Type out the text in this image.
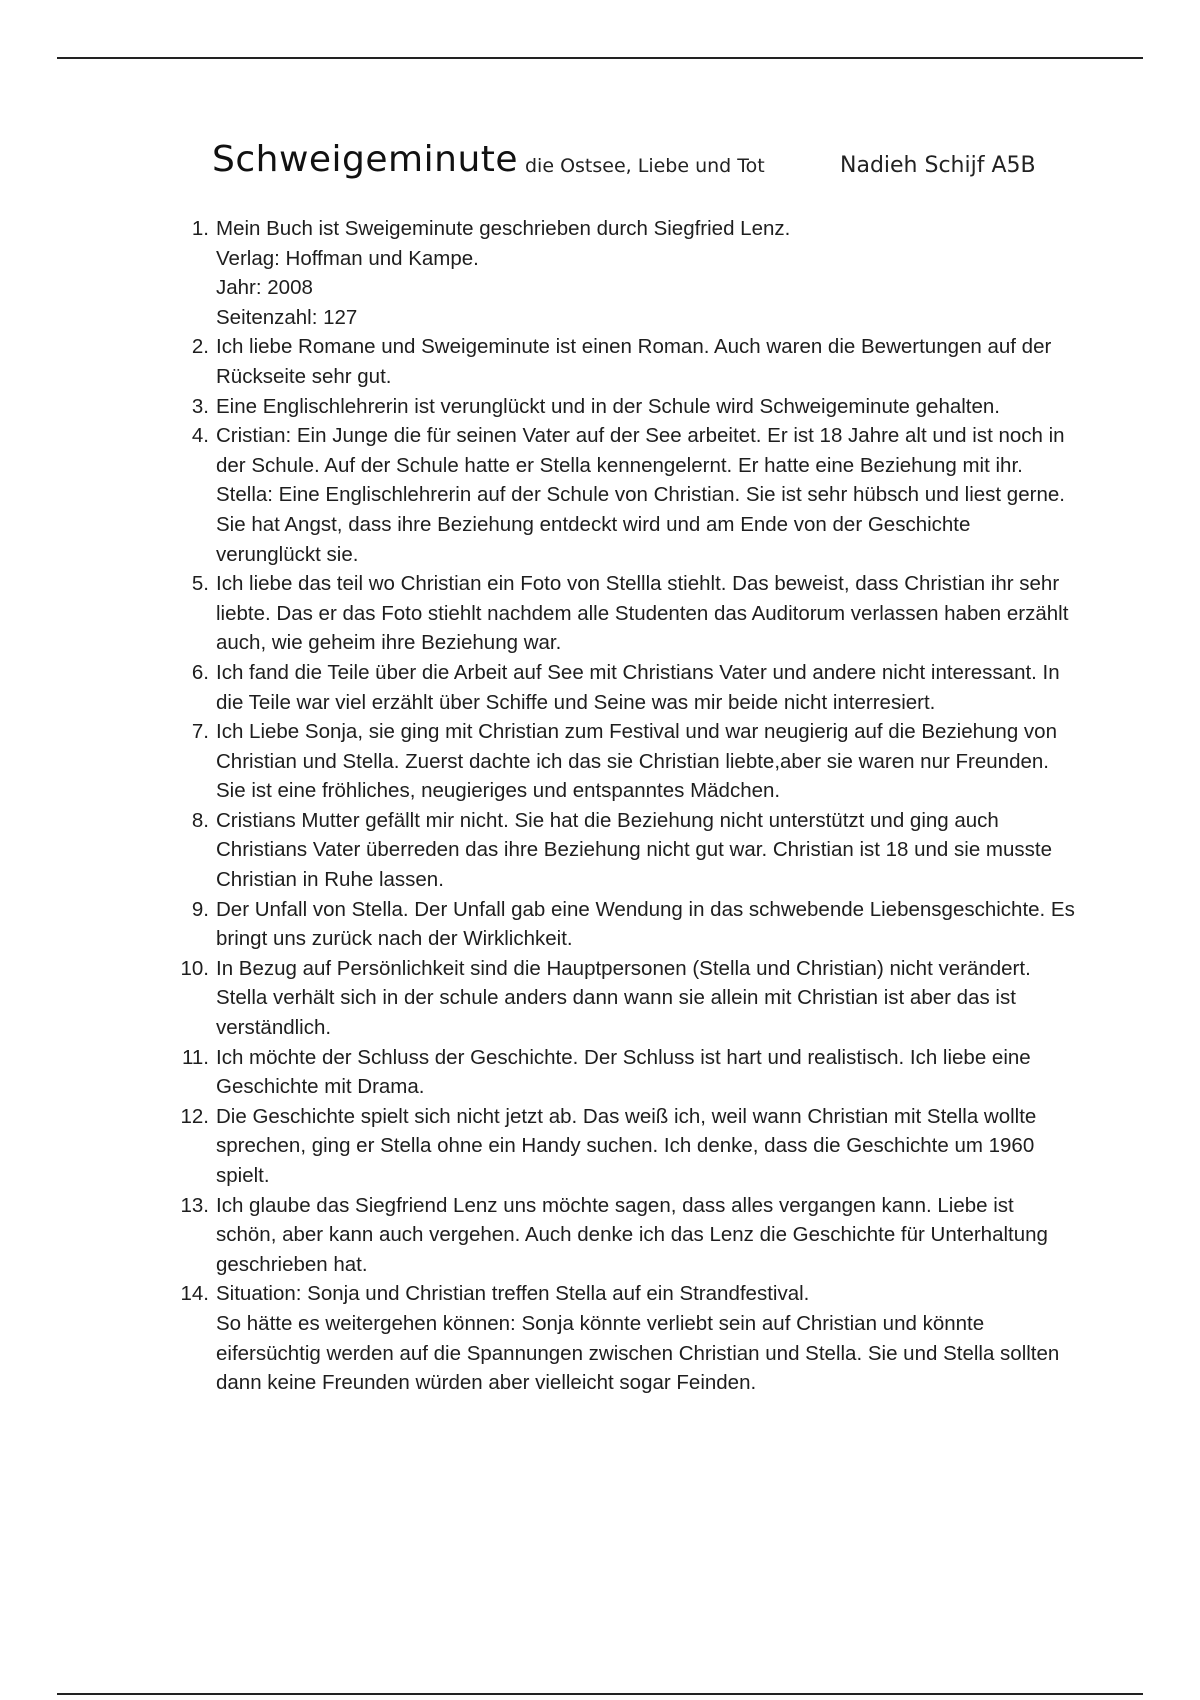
Schweigeminute die Ostsee, Liebe und Tot	Nadieh Schijf A5B
1. Mein Buch ist Sweigeminute geschrieben durch Siegfried Lenz.
Verlag: Hoffman und Kampe.
Jahr: 2008
Seitenzahl: 127
2. Ich liebe Romane und Sweigeminute ist einen Roman. Auch waren die Bewertungen auf der Rückseite sehr gut.
3. Eine Englischlehrerin ist verunglückt und in der Schule wird Schweigeminute gehalten.
4. Cristian: Ein Junge die für seinen Vater auf der See arbeitet. Er ist 18 Jahre alt und ist noch in der Schule. Auf der Schule hatte er Stella kennengelernt. Er hatte eine Beziehung mit ihr.
Stella: Eine Englischlehrerin auf der Schule von Christian. Sie ist sehr hübsch und liest gerne. Sie hat Angst, dass ihre Beziehung entdeckt wird und am Ende von der Geschichte verunglückt sie.
5. Ich liebe das teil wo Christian ein Foto von Stellla stiehlt. Das beweist, dass Christian ihr sehr liebte. Das er das Foto stiehlt nachdem alle Studenten das Auditorum verlassen haben erzählt auch, wie geheim ihre Beziehung war.
6. Ich fand die Teile über die Arbeit auf See mit Christians Vater und andere nicht interessant. In die Teile war viel erzählt über Schiffe und Seine was mir beide nicht interresiert.
7. Ich Liebe Sonja, sie ging mit Christian zum Festival und war neugierig auf die Beziehung von Christian und Stella. Zuerst dachte ich das sie Christian liebte,aber sie waren nur Freunden. Sie ist eine fröhliches, neugieriges und entspanntes Mädchen.
8. Cristians Mutter gefällt mir nicht. Sie hat die Beziehung nicht unterstützt und ging auch Christians Vater überreden das ihre Beziehung nicht gut war. Christian ist 18 und sie musste Christian in Ruhe lassen.
9. Der Unfall von Stella. Der Unfall gab eine Wendung in das schwebende Liebensgeschichte. Es bringt uns zurück nach der Wirklichkeit.
10. In Bezug auf Persönlichkeit sind die Hauptpersonen (Stella und Christian) nicht verändert. Stella verhält sich in der schule anders dann wann sie allein mit Christian ist aber das ist verständlich.
11. Ich möchte der Schluss der Geschichte. Der Schluss ist hart und realistisch. Ich liebe eine Geschichte mit Drama.
12. Die Geschichte spielt sich nicht jetzt ab. Das weiß ich, weil wann Christian mit Stella wollte sprechen, ging er Stella ohne ein Handy suchen. Ich denke, dass die Geschichte um 1960 spielt.
13. Ich glaube das Siegfriend Lenz uns möchte sagen, dass alles vergangen kann. Liebe ist schön, aber kann auch vergehen. Auch denke ich das Lenz die Geschichte für Unterhaltung geschrieben hat.
14. Situation: Sonja und Christian treffen Stella auf ein Strandfestival.
So hätte es weitergehen können: Sonja könnte verliebt sein auf Christian und könnte eifersüchtig werden auf die Spannungen zwischen Christian und Stella. Sie und Stella sollten dann keine Freunden würden aber vielleicht sogar Feinden.
